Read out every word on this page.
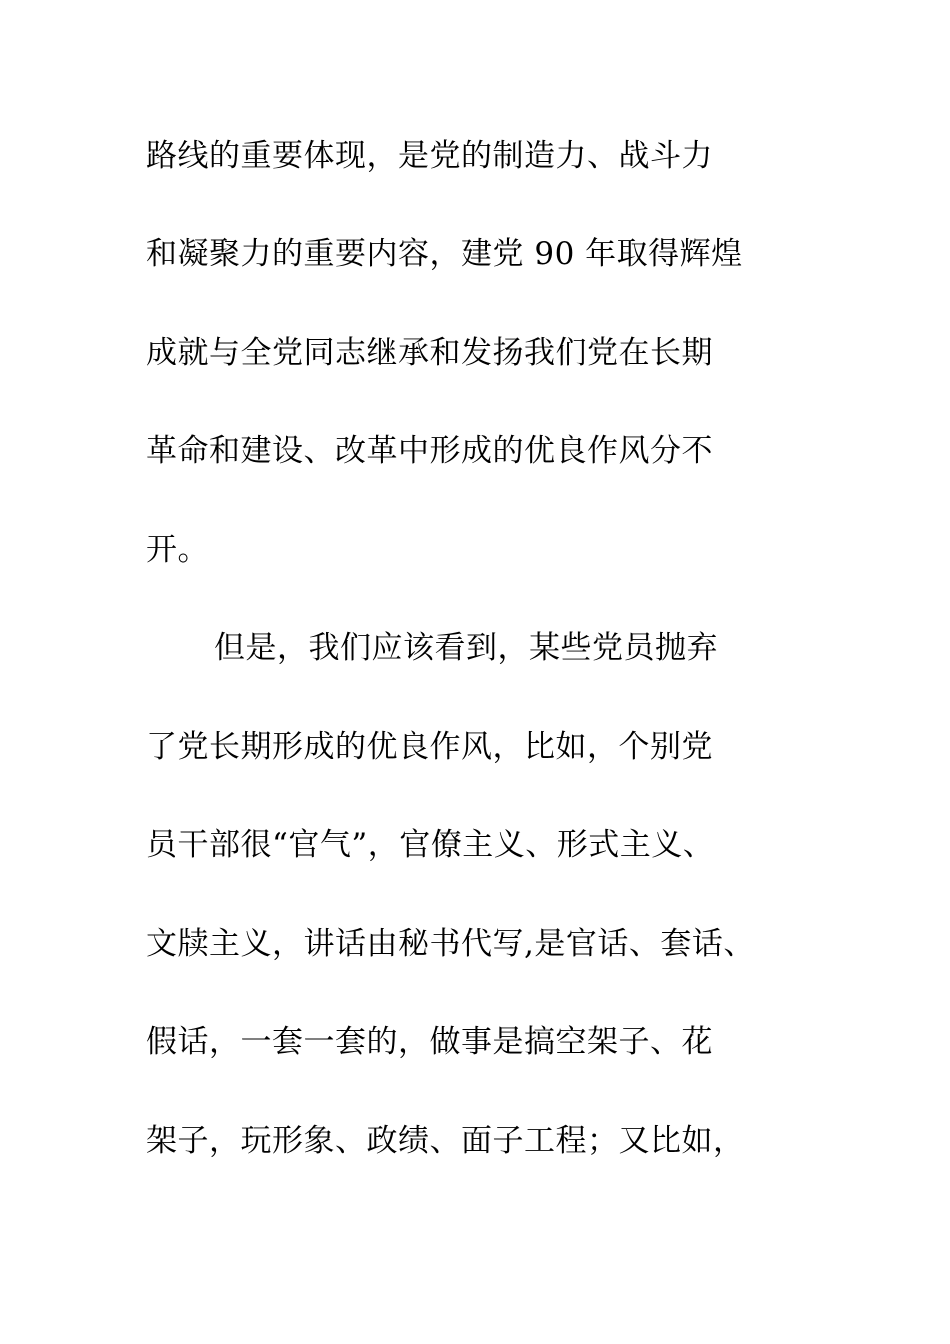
路线的重要体现，是党的制造力、战斗力
和凝聚力的重要内容，建党 90 年取得辉煌
成就与全党同志继承和发扬我们党在长期
革命和建设、改革中形成的优良作风分不
开。
但是，我们应该看到，某些党员抛弃
了党长期形成的优良作风，比如，个别党
员干部很“官气”，官僚主义、形式主义、
文牍主义，讲话由秘书代写,是官话、套话、
假话，一套一套的，做事是搞空架子、花
架子，玩形象、政绩、面子工程；又比如，
